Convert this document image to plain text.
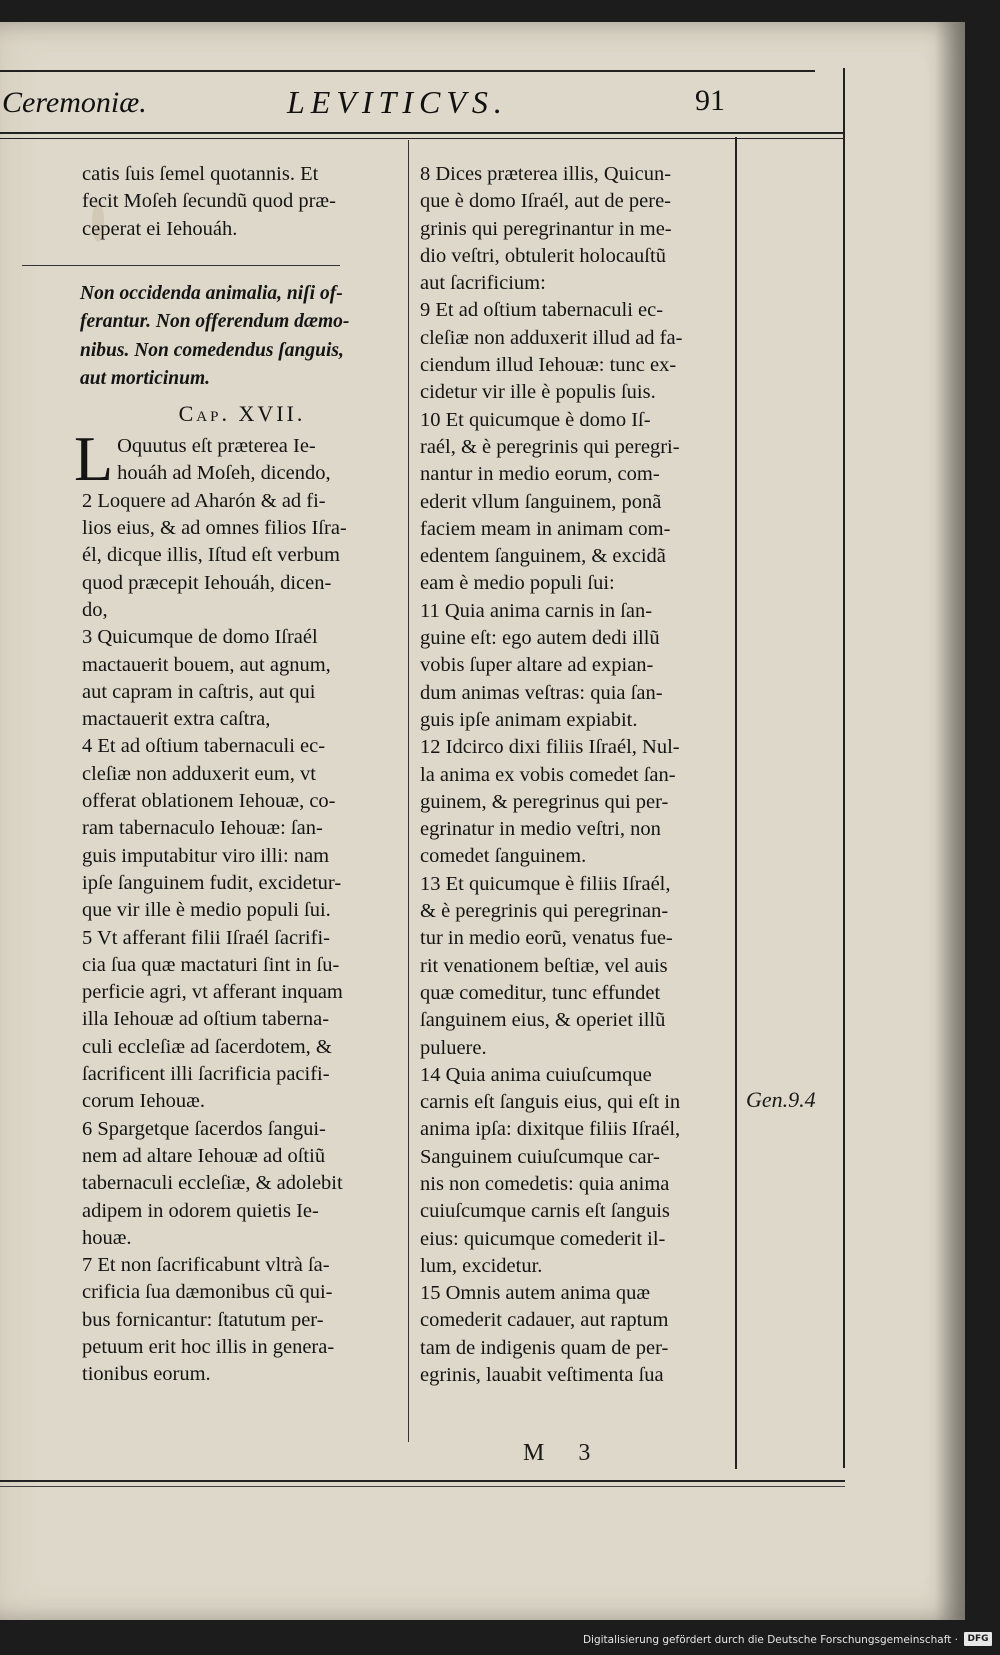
Ceremoniæ.	LEVITICVS.	91

catis ſuis ſemel quotannis. Et
fecit Moſeh ſecundũ quod præ-
ceperat ei Iehouáh.

Non occidenda animalia, niſi of-
ferantur. Non offerendum dæmo-
nibus. Non comedendus ſanguis,
aut morticinum.

Cap. XVII.
L Oquutus eſt præterea Ie-
houáh ad Moſeh, dicendo,

2 Loquere ad Aharón & ad fi-
lios eius, & ad omnes filios Iſra-
él, dicque illis, Iſtud eſt verbum
quod præcepit Iehouáh, dicen-
do,

3 Quicumque de domo Iſraél
mactauerit bouem, aut agnum,
aut capram in caſtris, aut qui
mactauerit extra caſtra,

4 Et ad oſtium tabernaculi ec-
cleſiæ non adduxerit eum, vt
offerat oblationem Iehouæ, co-
ram tabernaculo Iehouæ: ſan-
guis imputabitur viro illi: nam
ipſe ſanguinem fudit, excidetur-
que vir ille è medio populi ſui.

5 Vt afferant filii Iſraél ſacrifi-
cia ſua quæ mactaturi ſint in ſu-
perficie agri, vt afferant inquam
illa Iehouæ ad oſtium taberna-
culi eccleſiæ ad ſacerdotem, &
ſacrificent illi ſacrificia pacifi-
corum Iehouæ.

6 Spargetque ſacerdos ſangui-
nem ad altare Iehouæ ad oſtiũ
tabernaculi eccleſiæ, & adolebit
adipem in odorem quietis Ie-
houæ.

7 Et non ſacrificabunt vltrà ſa-
crificia ſua dæmonibus cũ qui-
bus fornicantur: ſtatutum per-
petuum erit hoc illis in genera-
tionibus eorum.

8 Dices præterea illis, Quicun-
que è domo Iſraél, aut de pere-
grinis qui peregrinantur in me-
dio veſtri, obtulerit holocauſtũ
aut ſacrificium:

9 Et ad oſtium tabernaculi ec-
cleſiæ non adduxerit illud ad fa-
ciendum illud Iehouæ: tunc ex-
cidetur vir ille è populis ſuis.

10 Et quicumque è domo Iſ-
raél, & è peregrinis qui peregri-
nantur in medio eorum, com-
ederit vllum ſanguinem, ponã
faciem meam in animam com-
edentem ſanguinem, & excidã
eam è medio populi ſui:

11 Quia anima carnis in ſan-
guine eſt: ego autem dedi illũ
vobis ſuper altare ad expian-
dum animas veſtras: quia ſan-
guis ipſe animam expiabit.

12 Idcirco dixi filiis Iſraél, Nul-
la anima ex vobis comedet ſan-
guinem, & peregrinus qui per-
egrinatur in medio veſtri, non
comedet ſanguinem.

13 Et quicumque è filiis Iſraél,
& è peregrinis qui peregrinan-
tur in medio eorũ, venatus fue-
rit venationem beſtiæ, vel auis
quæ comeditur, tunc effundet
ſanguinem eius, & operiet illũ
puluere.

14 Quia anima cuiuſcumque
carnis eſt ſanguis eius, qui eſt in
anima ipſa: dixitque filiis Iſraél,
Sanguinem cuiuſcumque car-
nis non comedetis: quia anima
cuiuſcumque carnis eſt ſanguis
eius: quicumque comederit il-
lum, excidetur.

15 Omnis autem anima quæ
comederit cadauer, aut raptum
tam de indigenis quam de per-
egrinis, lauabit veſtimenta ſua

Gen.9.4
M 3
Digitalisierung gefördert durch die Deutsche Forschungsgemeinschaft ·	DFG
